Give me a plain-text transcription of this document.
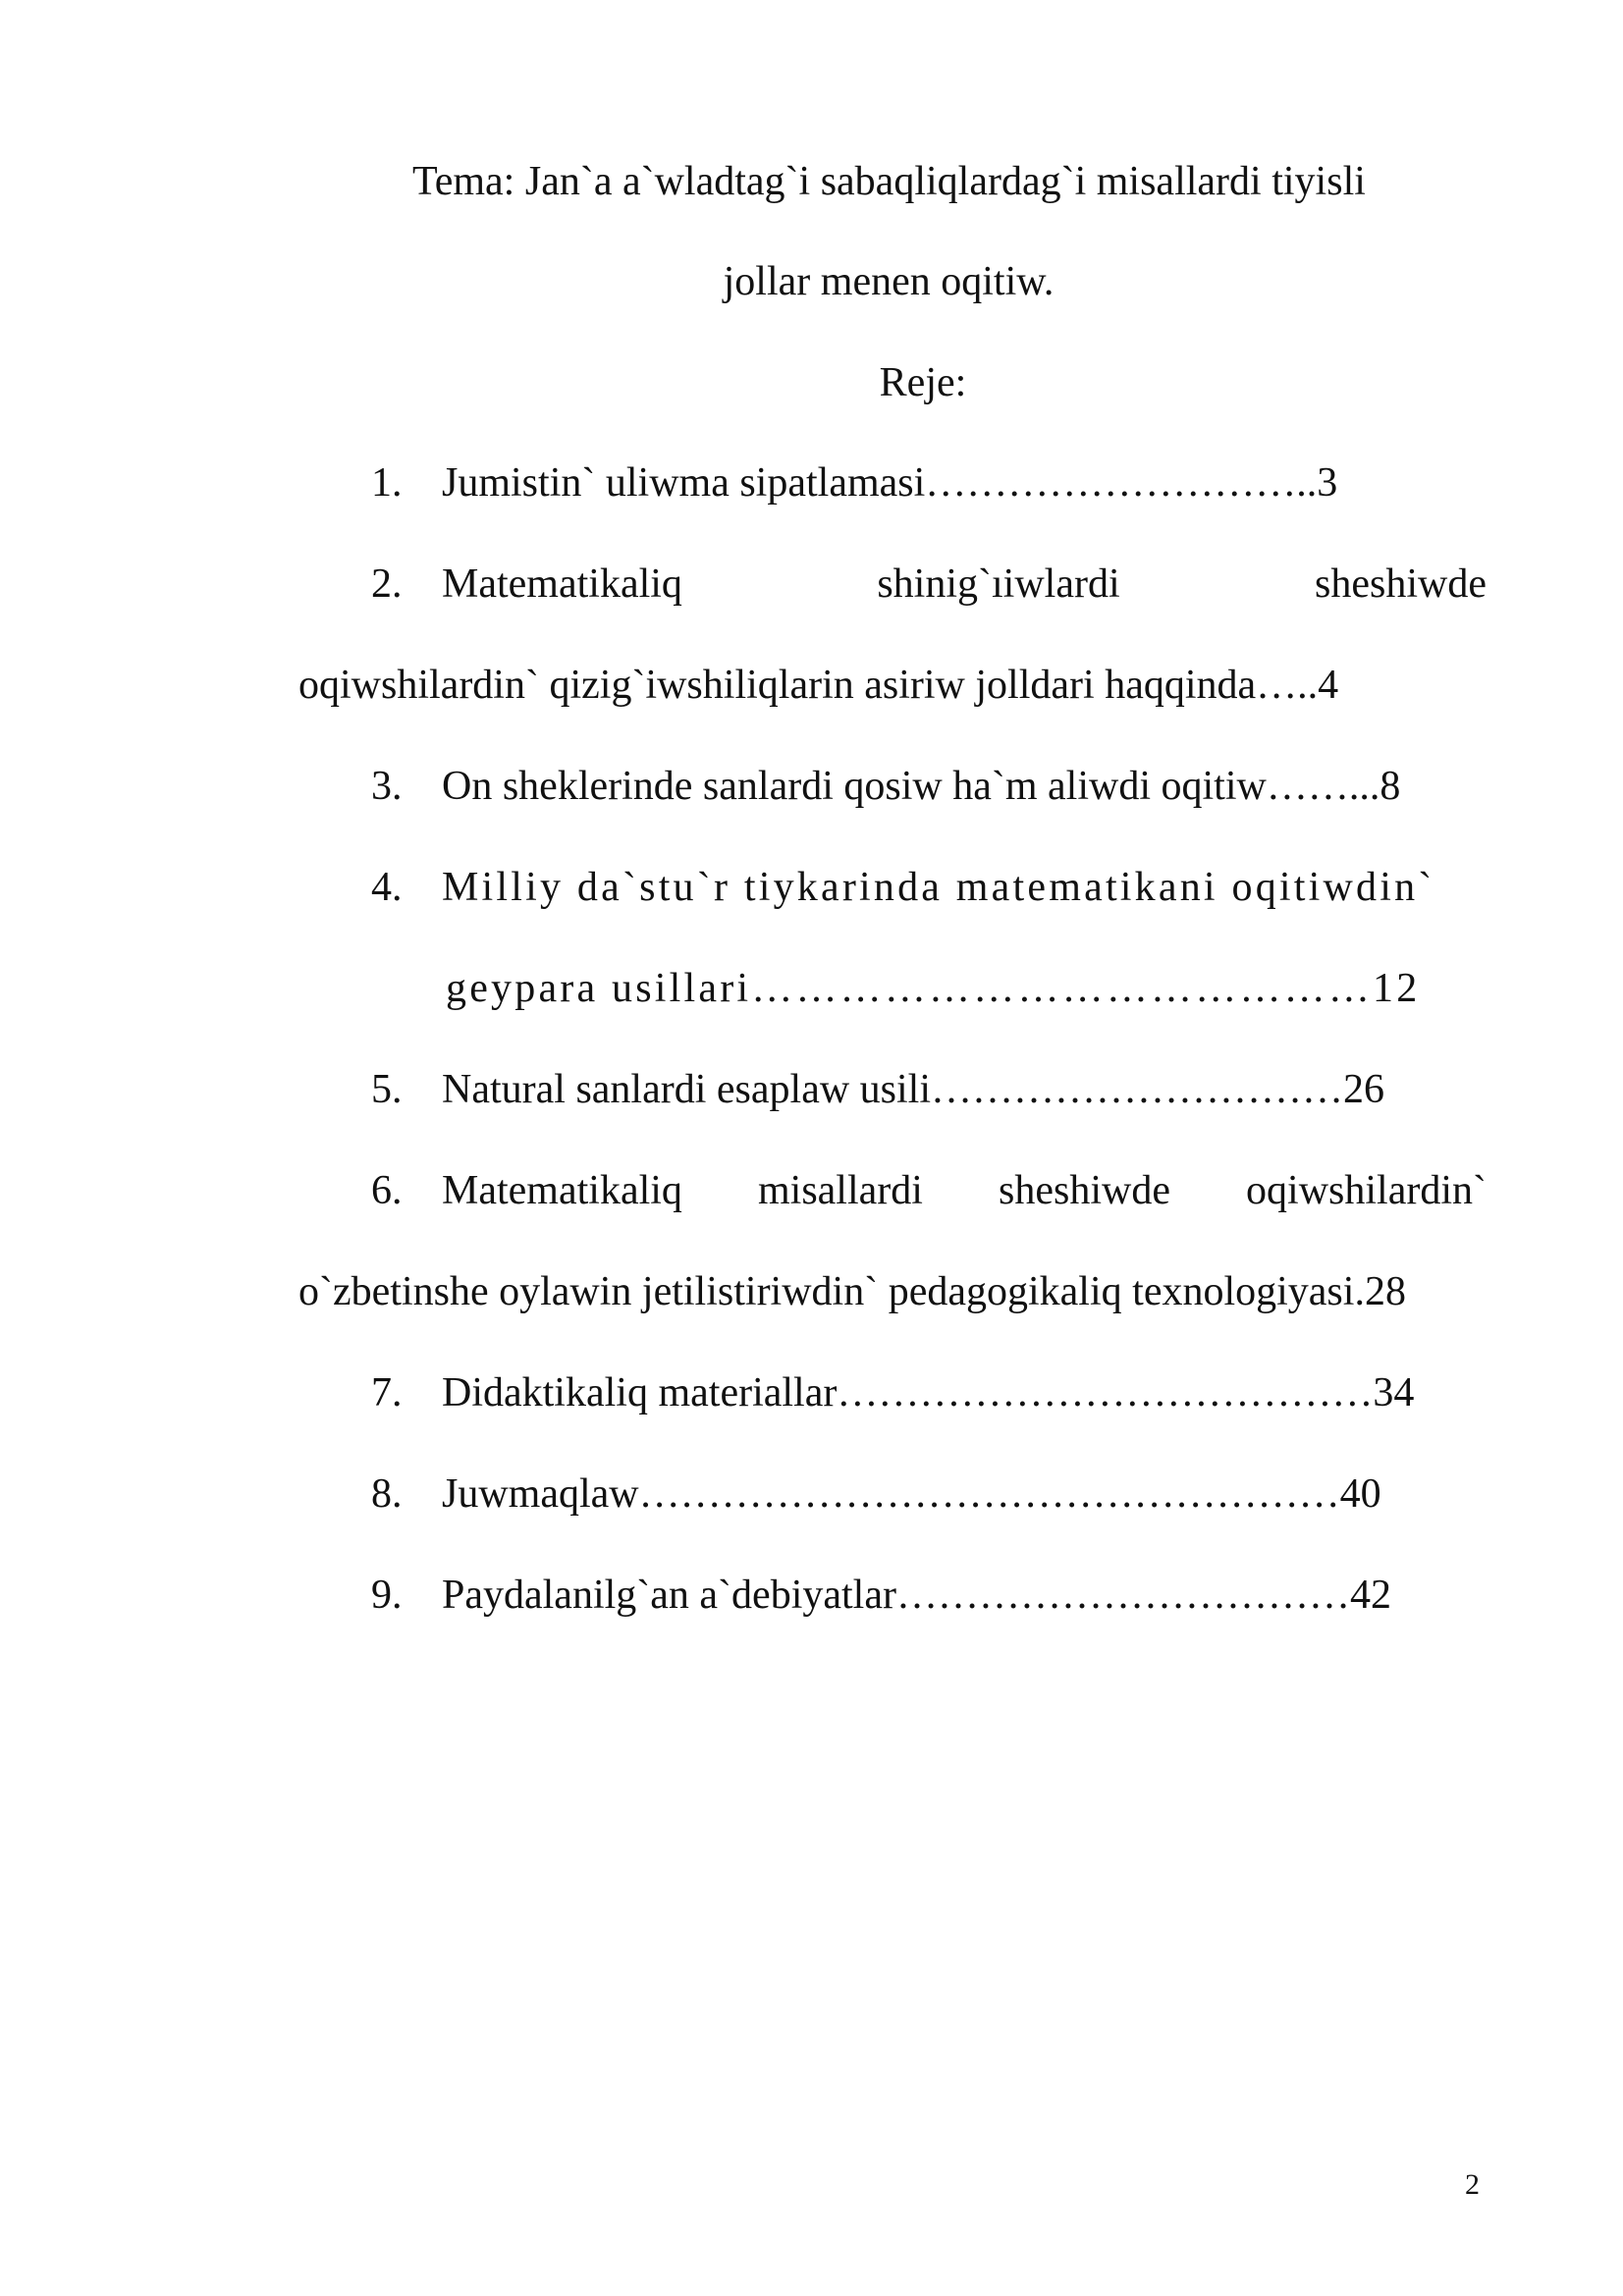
Tema: Jan`a a`wladtag`i sabaqliqlardag`i misallardi tiyisli
jollar menen oqitiw.
Reje:
1. Jumistin` uliwma sipatlamasi………………………..3
2. Matematikaliq	shinig`ıiwlardi	sheshiwde
oqiwshilardin` qizig`iwshiliqlarin asiriw jolldari haqqinda…..4
3. On sheklerinde sanlardi qosiw ha`m aliwdi oqitiw……...8
4. Milliy da`stu`r tiykarinda matematikani oqitiwdin`
geypara usillari……………………………………12
5. Natural sanlardi esaplaw usili…………………………26
6. Matematikaliq misallardi sheshiwde oqiwshilardin`
o`zbetinshe oylawin jetilistiriwdin` pedagogikaliq texnologiyasi.28
7. Didaktikaliq materiallar…………………………………34
8. Juwmaqlaw……………………………………………40
9. Paydalanilg`an a`debiyatlar……………………………42
2
